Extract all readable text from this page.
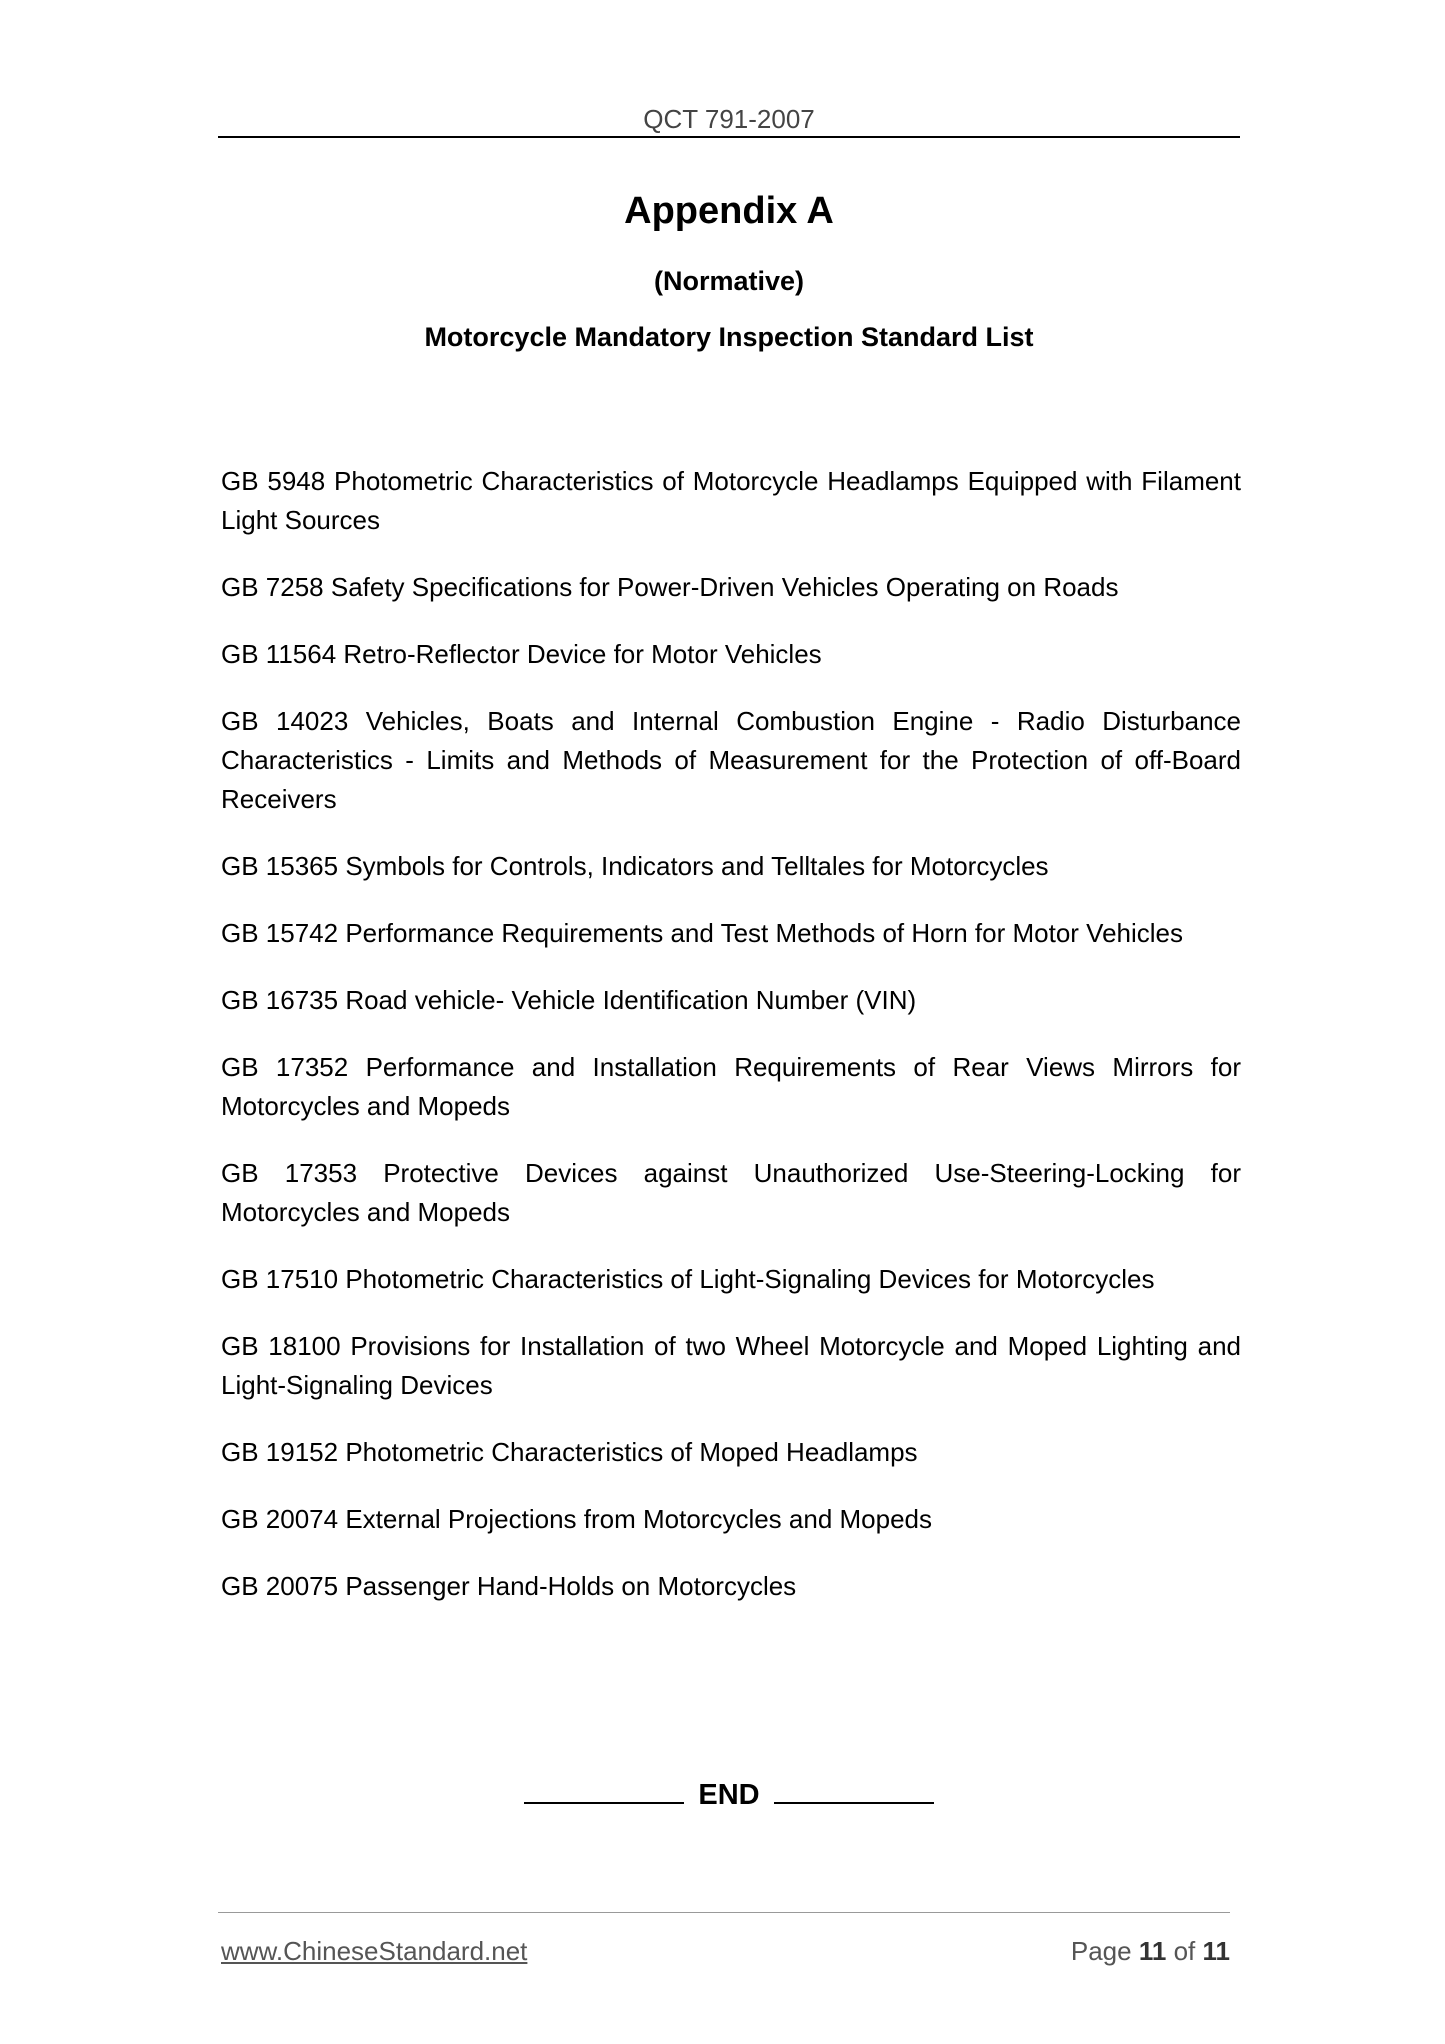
QCT 791-2007
Appendix A
(Normative)
Motorcycle Mandatory Inspection Standard List
GB 5948 Photometric Characteristics of Motorcycle Headlamps Equipped with Filament Light Sources
GB 7258 Safety Specifications for Power-Driven Vehicles Operating on Roads
GB 11564 Retro-Reflector Device for Motor Vehicles
GB 14023 Vehicles, Boats and Internal Combustion Engine - Radio Disturbance Characteristics - Limits and Methods of Measurement for the Protection of off-Board Receivers
GB 15365 Symbols for Controls, Indicators and Telltales for Motorcycles
GB 15742 Performance Requirements and Test Methods of Horn for Motor Vehicles
GB 16735 Road vehicle- Vehicle Identification Number (VIN)
GB 17352 Performance and Installation Requirements of Rear Views Mirrors for Motorcycles and Mopeds
GB 17353 Protective Devices against Unauthorized Use-Steering-Locking for Motorcycles and Mopeds
GB 17510 Photometric Characteristics of Light-Signaling Devices for Motorcycles
GB 18100 Provisions for Installation of two Wheel Motorcycle and Moped Lighting and Light-Signaling Devices
GB 19152 Photometric Characteristics of Moped Headlamps
GB 20074 External Projections from Motorcycles and Mopeds
GB 20075 Passenger Hand-Holds on Motorcycles
END
www.ChineseStandard.net	Page 11 of 11
